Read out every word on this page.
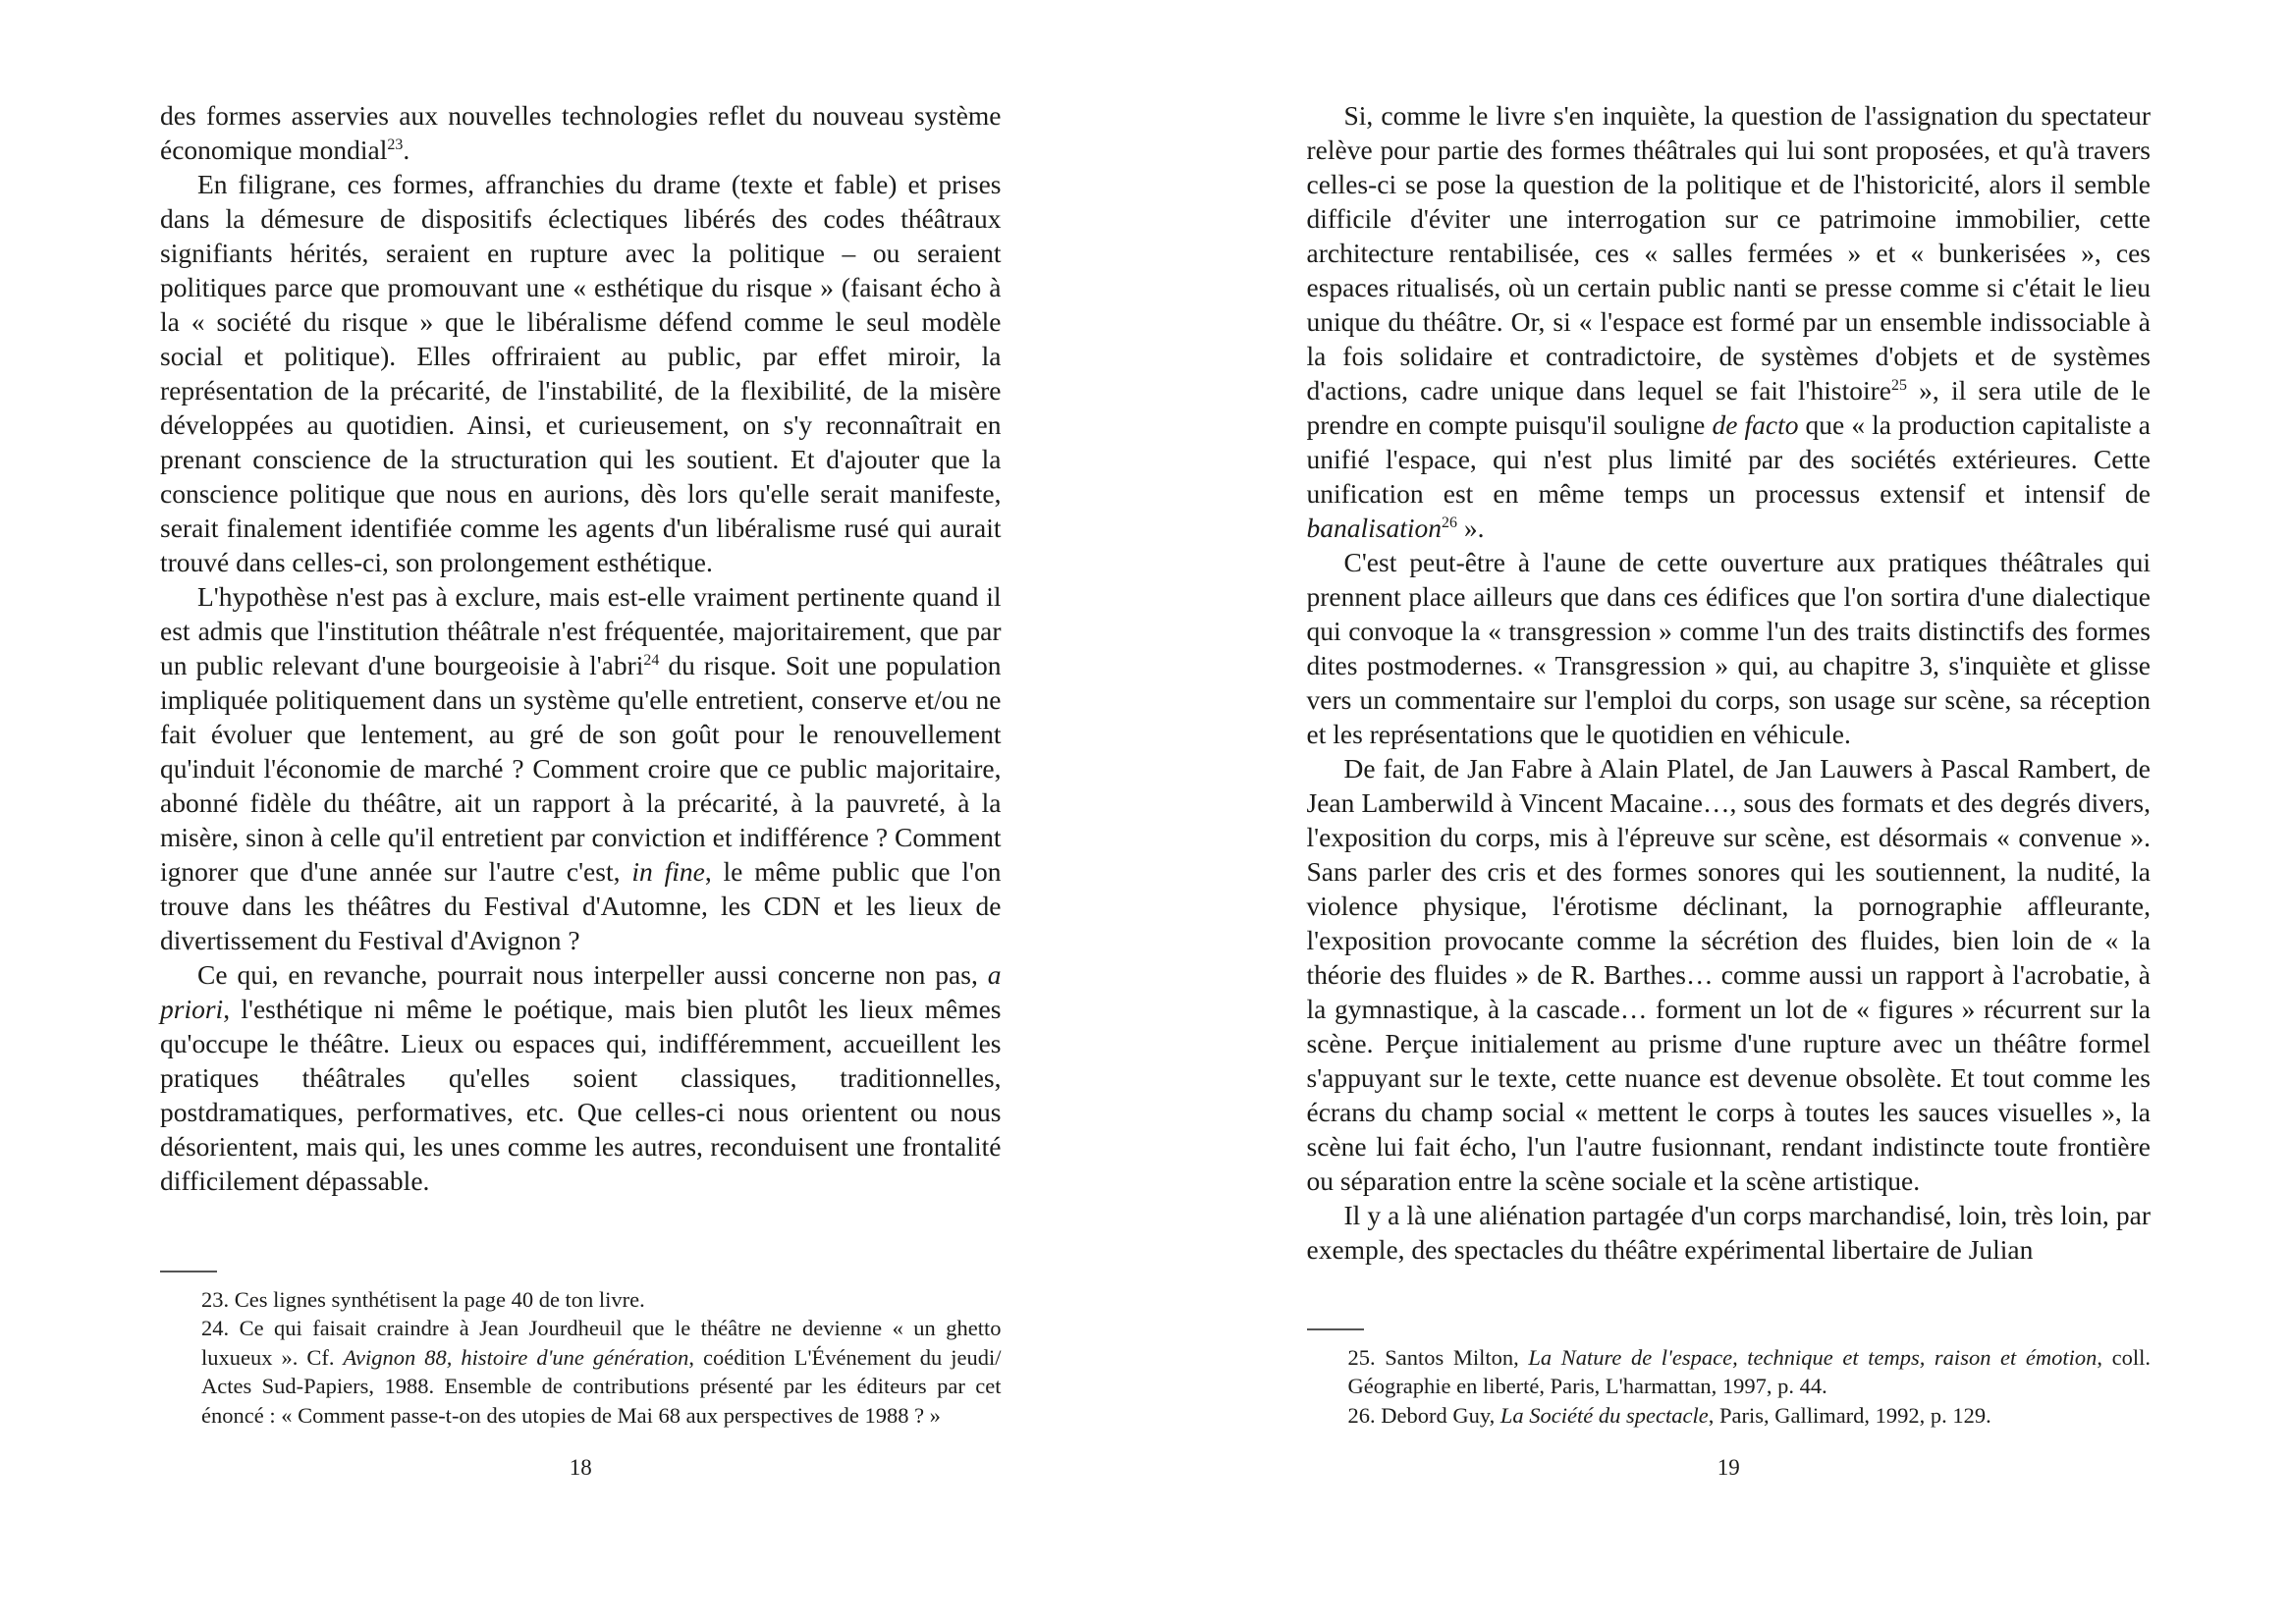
des formes asservies aux nouvelles technologies reflet du nouveau système économique mondial$^{23}$.

En filigrane, ces formes, affranchies du drame (texte et fable) et prises dans la démesure de dispositifs éclectiques libérés des codes théâtraux signifiants hérités, seraient en rupture avec la politique – ou seraient politiques parce que promouvant une « esthétique du risque » (faisant écho à la « société du risque » que le libéralisme défend comme le seul modèle social et politique). Elles offriraient au public, par effet miroir, la représentation de la précarité, de l'instabilité, de la flexibilité, de la misère développées au quotidien. Ainsi, et curieusement, on s'y reconnaîtrait en prenant conscience de la structuration qui les soutient. Et d'ajouter que la conscience politique que nous en aurions, dès lors qu'elle serait manifeste, serait finalement identifiée comme les agents d'un libéralisme rusé qui aurait trouvé dans celles-ci, son prolongement esthétique.

L'hypothèse n'est pas à exclure, mais est-elle vraiment pertinente quand il est admis que l'institution théâtrale n'est fréquentée, majoritairement, que par un public relevant d'une bourgeoisie à l'abri$^{24}$ du risque. Soit une population impliquée politiquement dans un système qu'elle entretient, conserve et/ou ne fait évoluer que lentement, au gré de son goût pour le renouvellement qu'induit l'économie de marché ? Comment croire que ce public majoritaire, abonné fidèle du théâtre, ait un rapport à la précarité, à la pauvreté, à la misère, sinon à celle qu'il entretient par conviction et indifférence ? Comment ignorer que d'une année sur l'autre c'est, in fine, le même public que l'on trouve dans les théâtres du Festival d'Automne, les CDN et les lieux de divertissement du Festival d'Avignon ?

Ce qui, en revanche, pourrait nous interpeller aussi concerne non pas, a priori, l'esthétique ni même le poétique, mais bien plutôt les lieux mêmes qu'occupe le théâtre. Lieux ou espaces qui, indifféremment, accueillent les pratiques théâtrales qu'elles soient classiques, traditionnelles, postdramatiques, performatives, etc. Que celles-ci nous orientent ou nous désorientent, mais qui, les unes comme les autres, reconduisent une frontalité difficilement dépassable.

23. Ces lignes synthétisent la page 40 de ton livre.

24. Ce qui faisait craindre à Jean Jourdheuil que le théâtre ne devienne « un ghetto luxueux ». Cf. Avignon 88, histoire d'une génération, coédition L'Événement du jeudi/ Actes Sud-Papiers, 1988. Ensemble de contributions présenté par les éditeurs par cet énoncé : « Comment passe-t-on des utopies de Mai 68 aux perspectives de 1988 ? »

18

Si, comme le livre s'en inquiète, la question de l'assignation du spectateur relève pour partie des formes théâtrales qui lui sont proposées, et qu'à travers celles-ci se pose la question de la politique et de l'historicité, alors il semble difficile d'éviter une interrogation sur ce patrimoine immobilier, cette architecture rentabilisée, ces « salles fermées » et « bunkerisées », ces espaces ritualisés, où un certain public nanti se presse comme si c'était le lieu unique du théâtre. Or, si « l'espace est formé par un ensemble indissociable à la fois solidaire et contradictoire, de systèmes d'objets et de systèmes d'actions, cadre unique dans lequel se fait l'histoire$^{25}$ », il sera utile de le prendre en compte puisqu'il souligne de facto que « la production capitaliste a unifié l'espace, qui n'est plus limité par des sociétés extérieures. Cette unification est en même temps un processus extensif et intensif de banalisation$^{26}$ ».

C'est peut-être à l'aune de cette ouverture aux pratiques théâtrales qui prennent place ailleurs que dans ces édifices que l'on sortira d'une dialectique qui convoque la « transgression » comme l'un des traits distinctifs des formes dites postmodernes. « Transgression » qui, au chapitre 3, s'inquiète et glisse vers un commentaire sur l'emploi du corps, son usage sur scène, sa réception et les représentations que le quotidien en véhicule.

De fait, de Jan Fabre à Alain Platel, de Jan Lauwers à Pascal Rambert, de Jean Lamberwild à Vincent Macaine…, sous des formats et des degrés divers, l'exposition du corps, mis à l'épreuve sur scène, est désormais « convenue ». Sans parler des cris et des formes sonores qui les soutiennent, la nudité, la violence physique, l'érotisme déclinant, la pornographie affleurante, l'exposition provocante comme la sécrétion des fluides, bien loin de « la théorie des fluides » de R. Barthes… comme aussi un rapport à l'acrobatie, à la gymnastique, à la cascade… forment un lot de « figures » récurrent sur la scène. Perçue initialement au prisme d'une rupture avec un théâtre formel s'appuyant sur le texte, cette nuance est devenue obsolète. Et tout comme les écrans du champ social « mettent le corps à toutes les sauces visuelles », la scène lui fait écho, l'un l'autre fusionnant, rendant indistincte toute frontière ou séparation entre la scène sociale et la scène artistique.

Il y a là une aliénation partagée d'un corps marchandisé, loin, très loin, par exemple, des spectacles du théâtre expérimental libertaire de Julian

25. Santos Milton, La Nature de l'espace, technique et temps, raison et émotion, coll. Géographie en liberté, Paris, L'harmattan, 1997, p. 44.

26. Debord Guy, La Société du spectacle, Paris, Gallimard, 1992, p. 129.

19
